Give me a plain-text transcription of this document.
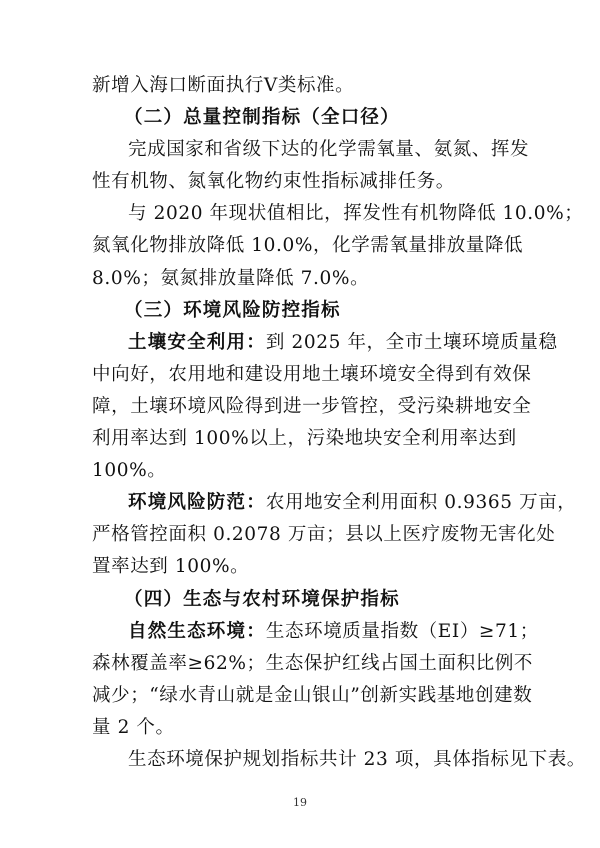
新增入海口断面执行Ⅴ类标准。
（二）总量控制指标（全口径）
完成国家和省级下达的化学需氧量、氨氮、挥发
性有机物、氮氧化物约束性指标减排任务。
与 2020 年现状值相比，挥发性有机物降低 10.0%；
氮氧化物排放降低 10.0%，化学需氧量排放量降低
8.0%；氨氮排放量降低 7.0%。
（三）环境风险防控指标
土壤安全利用：到 2025 年，全市土壤环境质量稳
中向好，农用地和建设用地土壤环境安全得到有效保
障，土壤环境风险得到进一步管控，受污染耕地安全
利用率达到 100%以上，污染地块安全利用率达到
100%。
环境风险防范：农用地安全利用面积 0.9365 万亩，
严格管控面积 0.2078 万亩；县以上医疗废物无害化处
置率达到 100%。
（四）生态与农村环境保护指标
自然生态环境：生态环境质量指数（EI）≥71；
森林覆盖率≥62%；生态保护红线占国土面积比例不
减少；“绿水青山就是金山银山”创新实践基地创建数
量 2 个。
生态环境保护规划指标共计 23 项，具体指标见下表。
19
